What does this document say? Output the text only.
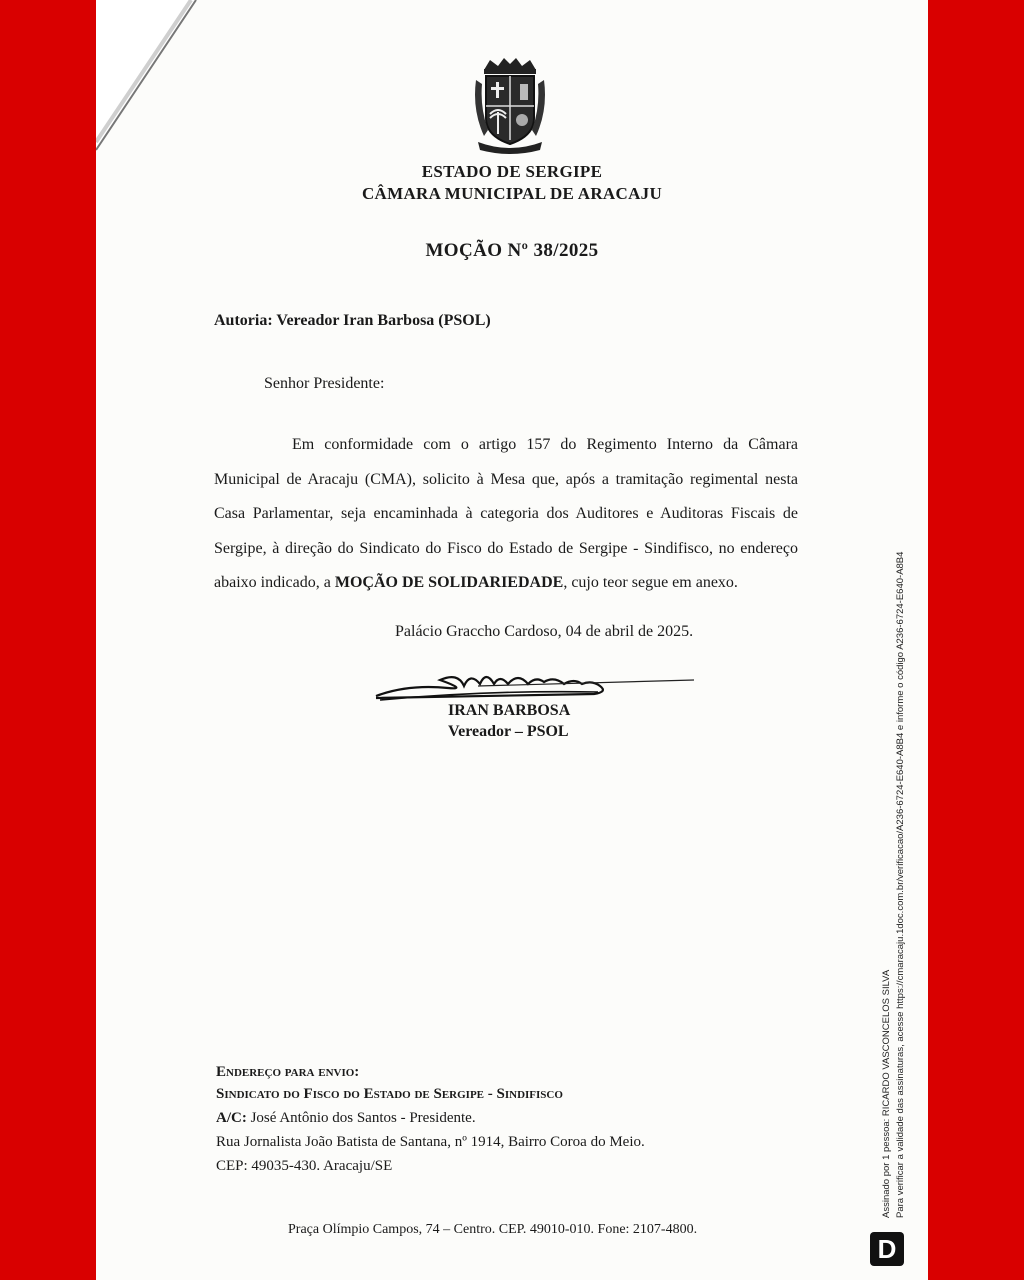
ESTADO DE SERGIPE
CÂMARA MUNICIPAL DE ARACAJU
MOÇÃO Nº 38/2025
Autoria: Vereador Iran Barbosa (PSOL)
Senhor Presidente:
Em conformidade com o artigo 157 do Regimento Interno da Câmara Municipal de Aracaju (CMA), solicito à Mesa que, após a tramitação regimental nesta Casa Parlamentar, seja encaminhada à categoria dos Auditores e Auditoras Fiscais de Sergipe, à direção do Sindicato do Fisco do Estado de Sergipe - Sindifisco, no endereço abaixo indicado, a MOÇÃO DE SOLIDARIEDADE, cujo teor segue em anexo.
Palácio Graccho Cardoso, 04 de abril de 2025.
IRAN BARBOSA
Vereador – PSOL
Endereço para envio:
Sindicato do Fisco do Estado de Sergipe - Sindifisco
A/C: José Antônio dos Santos - Presidente.
Rua Jornalista João Batista de Santana, nº 1914, Bairro Coroa do Meio.
CEP: 49035-430. Aracaju/SE
Praça Olímpio Campos, 74 – Centro. CEP. 49010-010. Fone: 2107-4800.
Assinado por 1 pessoa: RICARDO VASCONCELOS SILVA Para verificar a validade das assinaturas, acesse https://cmaracaju.1doc.com.br/verificacao/A236-6724-E640-A8B4 e informe o código A236-6724-E640-A8B4
D
